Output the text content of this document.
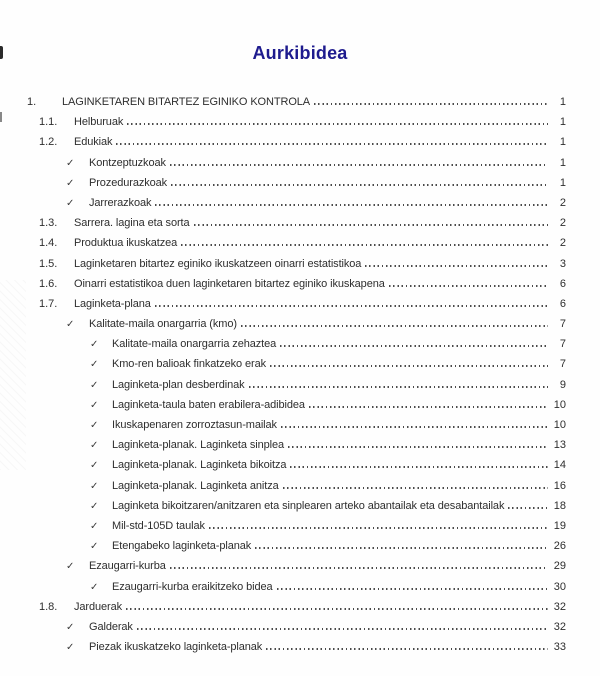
Aurkibidea
1.	LAGINKETAREN BITARTEZ EGINIKO KONTROLA	1
1.1.	Helburuak	1
1.2.	Edukiak	1
✓	Kontzeptuzkoak	1
✓	Prozedurazkoak	1
✓	Jarrerazkoak	2
1.3.	Sarrera. lagina eta sorta	2
1.4.	Produktua ikuskatzea	2
1.5.	Laginketaren bitartez eginiko ikuskatzeen oinarri estatistikoa	3
1.6.	Oinarri estatistikoa duen laginketaren bitartez eginiko ikuskapena	6
1.7.	Laginketa-plana	6
✓	Kalitate-maila onargarria (kmo)	7
✓	Kalitate-maila onargarria zehaztea	7
✓	Kmo-ren balioak finkatzeko erak	7
✓	Laginketa-plan desberdinak	9
✓	Laginketa-taula baten erabilera-adibidea	10
✓	Ikuskapenaren zorroztasun-mailak	10
✓	Laginketa-planak. Laginketa sinplea	13
✓	Laginketa-planak. Laginketa bikoitza	14
✓	Laginketa-planak. Laginketa anitza	16
✓	Laginketa bikoitzaren/anitzaren eta sinplearen arteko abantailak eta desabantailak	18
✓	Mil-std-105D taulak	19
✓	Etengabeko laginketa-planak	26
✓	Ezaugarri-kurba	29
✓	Ezaugarri-kurba eraikitzeko bidea	30
1.8.	Jarduerak	32
✓	Galderak	32
✓	Piezak ikuskatzeko laginketa-planak	33
